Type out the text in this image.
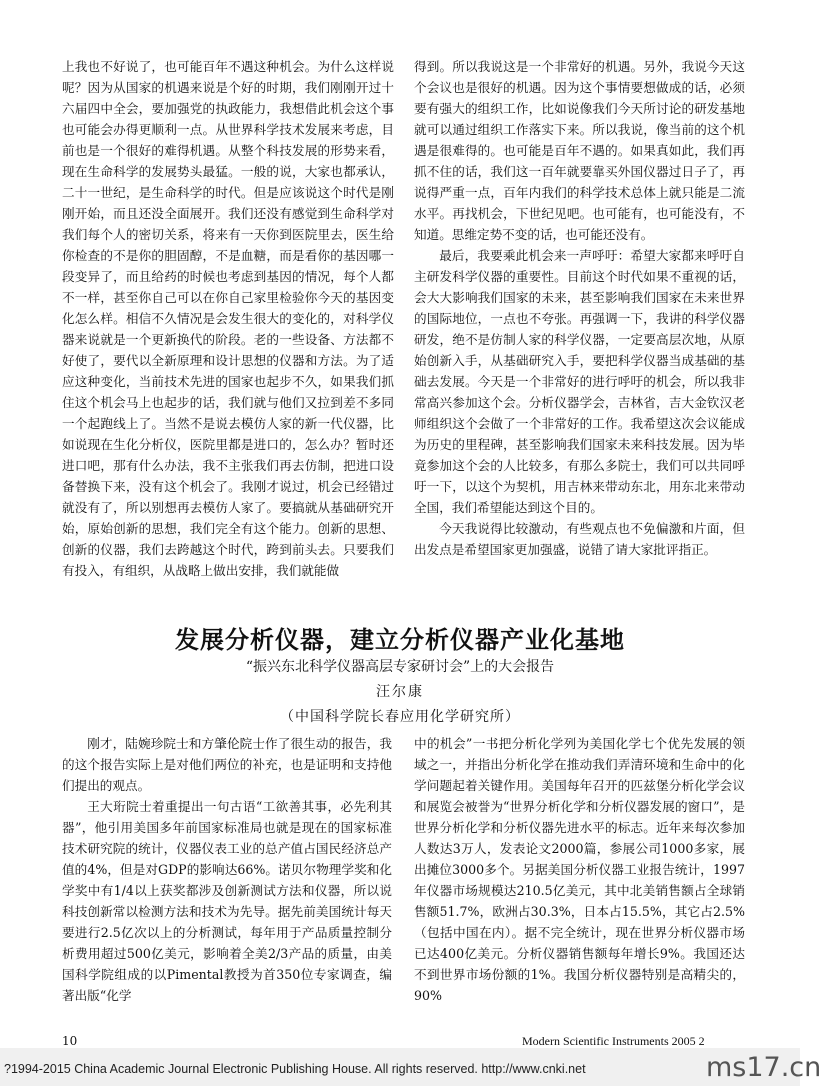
上我也不好说了，也可能百年不遇这种机会。为什么这样说呢？因为从国家的机遇来说是个好的时期，我们刚刚开过十六届四中全会，要加强党的执政能力，我想借此机会这个事也可能会办得更顺利一点。从世界科学技术发展来考虑，目前也是一个很好的难得机遇。从整个科技发展的形势来看，现在生命科学的发展势头最猛。一般的说，大家也都承认，二十一世纪，是生命科学的时代。但是应该说这个时代是刚刚开始，而且还没全面展开。我们还没有感觉到生命科学对我们每个人的密切关系，将来有一天你到医院里去，医生给你检查的不是你的胆固醇，不是血糖，而是看你的基因哪一段变异了，而且给药的时候也考虑到基因的情况，每个人都不一样，甚至你自己可以在你自己家里检验你今天的基因变化怎么样。相信不久情况是会发生很大的变化的，对科学仪器来说就是一个更新换代的阶段。老的一些设备、方法都不好使了，要代以全新原理和设计思想的仪器和方法。为了适应这种变化，当前技术先进的国家也起步不久，如果我们抓住这个机会马上也起步的话，我们就与他们又拉到差不多同一个起跑线上了。当然不是说去模仿人家的新一代仪器，比如说现在生化分析仪，医院里都是进口的，怎么办？暂时还进口吧，那有什么办法，我不主张我们再去仿制，把进口设备替换下来，没有这个机会了。我刚才说过，机会已经错过就没有了，所以别想再去模仿人家了。要搞就从基础研究开始，原始创新的思想，我们完全有这个能力。创新的思想、创新的仪器，我们去跨越这个时代，跨到前头去。只要我们有投入，有组织，从战略上做出安排，我们就能做

得到。所以我说这是一个非常好的机遇。另外，我说今天这个会议也是很好的机遇。因为这个事情要想做成的话，必须要有强大的组织工作，比如说像我们今天所讨论的研发基地就可以通过组织工作落实下来。所以我说，像当前的这个机遇是很难得的。也可能是百年不遇的。如果真如此，我们再抓不住的话，我们这一百年就要靠买外国仪器过日子了，再说得严重一点，百年内我们的科学技术总体上就只能是二流水平。再找机会，下世纪见吧。也可能有，也可能没有，不知道。思维定势不变的话，也可能还没有。

最后，我要乘此机会来一声呼吁：希望大家都来呼吁自主研发科学仪器的重要性。目前这个时代如果不重视的话，会大大影响我们国家的未来，甚至影响我们国家在未来世界的国际地位，一点也不夸张。再强调一下，我讲的科学仪器研发，绝不是仿制人家的科学仪器，一定要高层次地，从原始创新入手，从基础研究入手，要把科学仪器当成基础的基础去发展。今天是一个非常好的进行呼吁的机会，所以我非常高兴参加这个会。分析仪器学会，吉林省，吉大金钦汉老师组织这个会做了一个非常好的工作。我希望这次会议能成为历史的里程碑，甚至影响我们国家未来科技发展。因为毕竟参加这个会的人比较多，有那么多院士，我们可以共同呼吁一下，以这个为契机，用吉林来带动东北，用东北来带动全国，我们希望能达到这个目的。

今天我说得比较激动，有些观点也不免偏激和片面，但出发点是希望国家更加强盛，说错了请大家批评指正。

发展分析仪器，建立分析仪器产业化基地
“振兴东北科学仪器高层专家研讨会”上的大会报告
汪尔康
（中国科学院长春应用化学研究所）

刚才，陆婉珍院士和方肇伦院士作了很生动的报告，我的这个报告实际上是对他们两位的补充，也是证明和支持他们提出的观点。

王大珩院士着重提出一句古语“工欲善其事，必先利其器”，他引用美国多年前国家标准局也就是现在的国家标准技术研究院的统计，仪器仪表工业的总产值占国民经济总产值的4%，但是对GDP的影响达66%。诺贝尔物理学奖和化学奖中有1/4以上获奖都涉及创新测试方法和仪器，所以说科技创新常以检测方法和技术为先导。据先前美国统计每天要进行2.5亿次以上的分析测试，每年用于产品质量控制分析费用超过500亿美元，影响着全美2/3产品的质量，由美国科学院组成的以Pimental教授为首350位专家调查，编著出版“化学

中的机会”一书把分析化学列为美国化学七个优先发展的领域之一，并指出分析化学在推动我们弄清环境和生命中的化学问题起着关键作用。美国每年召开的匹兹堡分析化学会议和展览会被誉为“世界分析化学和分析仪器发展的窗口”，是世界分析化学和分析仪器先进水平的标志。近年来每次参加人数达3万人，发表论文2000篇，参展公司1000多家，展出摊位3000多个。另据美国分析仪器工业报告统计，1997年仪器市场规模达210.5亿美元，其中北美销售额占全球销售额51.7%，欧洲占30.3%，日本占15.5%，其它占2.5%（包括中国在内）。据不完全统计，现在世界分析仪器市场已达400亿美元。分析仪器销售额每年增长9%。我国还达不到世界市场份额的1%。我国分析仪器特别是高精尖的，90%

10	Modern Scientific Instruments 2005 2
?1994-2015 China Academic Journal Electronic Publishing House. All rights reserved. http://www.cnki.net	ms17.cn
